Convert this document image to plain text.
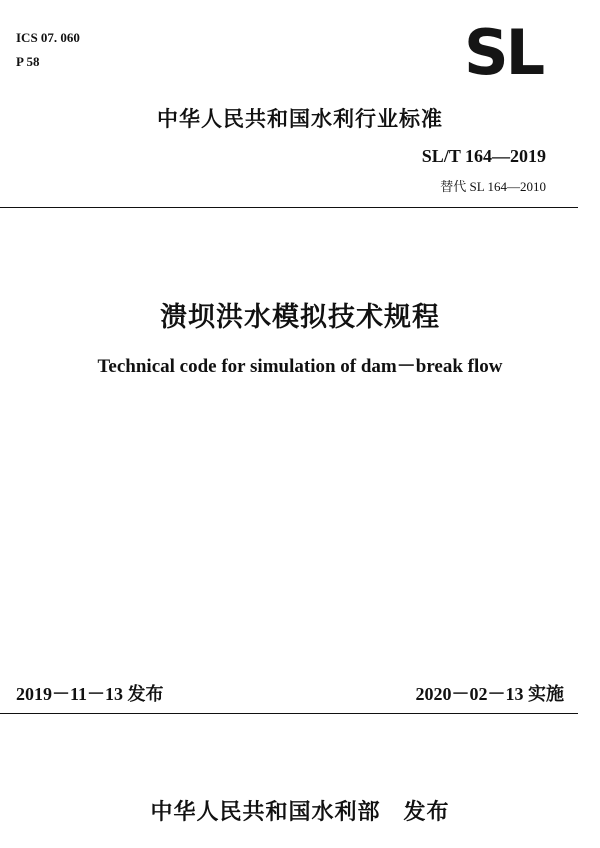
ICS 07. 060
P 58	SL
中华人民共和国水利行业标准
SL/T 164—2019
替代 SL 164—2010
溃坝洪水模拟技术规程
Technical code for simulation of dam－break flow
2019－11－13 发布	2020－02－13 实施
中华人民共和国水利部　发布
